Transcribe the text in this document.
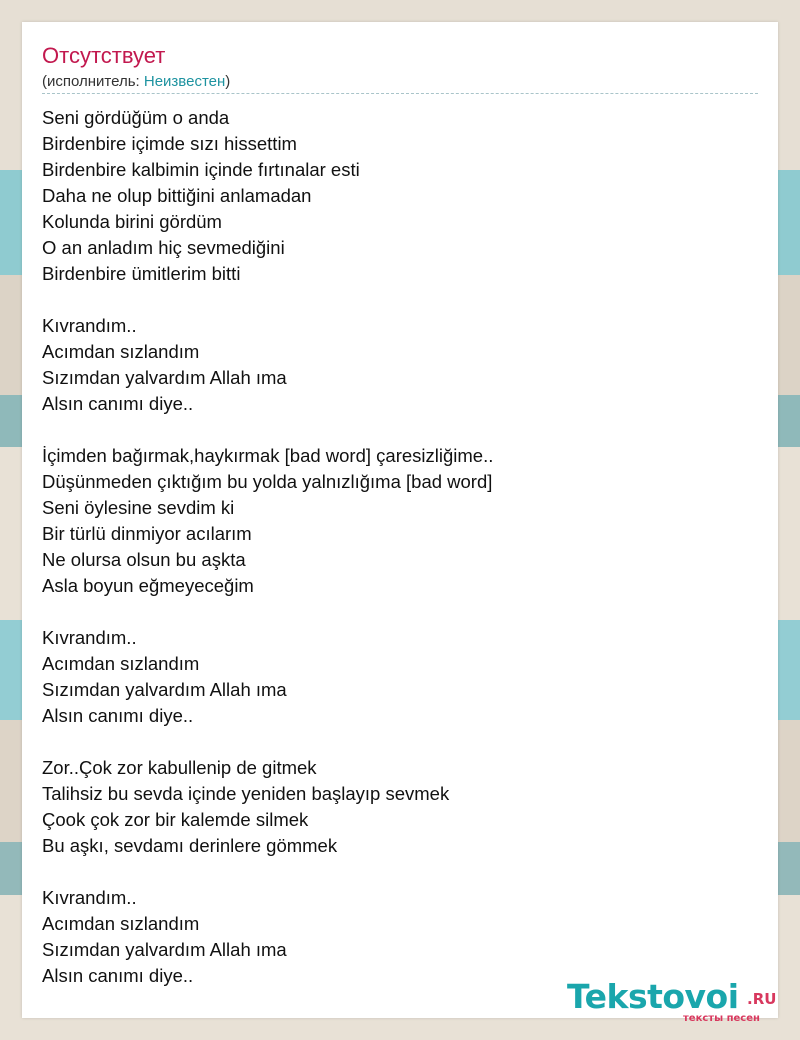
Отсутствует
(исполнитель: Неизвестен)
Seni gördüğüm o anda
Birdenbire içimde sızı hissettim
Birdenbire kalbimin içinde fırtınalar esti
Daha ne olup bittiğini anlamadan
Kolunda birini gördüm
O an anladım hiç sevmediğini
Birdenbire ümitlerim bitti
Kıvrandım..
Acımdan sızlandım
Sızımdan yalvardım Allah ıma
Alsın canımı diye..
İçimden bağırmak,haykırmak [bad word] çaresizliğime..
Düşünmeden çıktığım bu yolda yalnızlığıma [bad word]
Seni öylesine sevdim ki
Bir türlü dinmiyor acılarım
Ne olursa olsun bu aşkta
Asla boyun eğmeyeceğim
Kıvrandım..
Acımdan sızlandım
Sızımdan yalvardım Allah ıma
Alsın canımı diye..
Zor..Çok zor kabullenip de gitmek
Talihsiz bu sevda içinde yeniden başlayıp sevmek
Çook çok zor bir kalemde silmek
Bu aşkı, sevdamı derinlere gömmek
Kıvrandım..
Acımdan sızlandım
Sızımdan yalvardım Allah ıma
Alsın canımı diye..
Tekstovoi .RU
тексты песен
